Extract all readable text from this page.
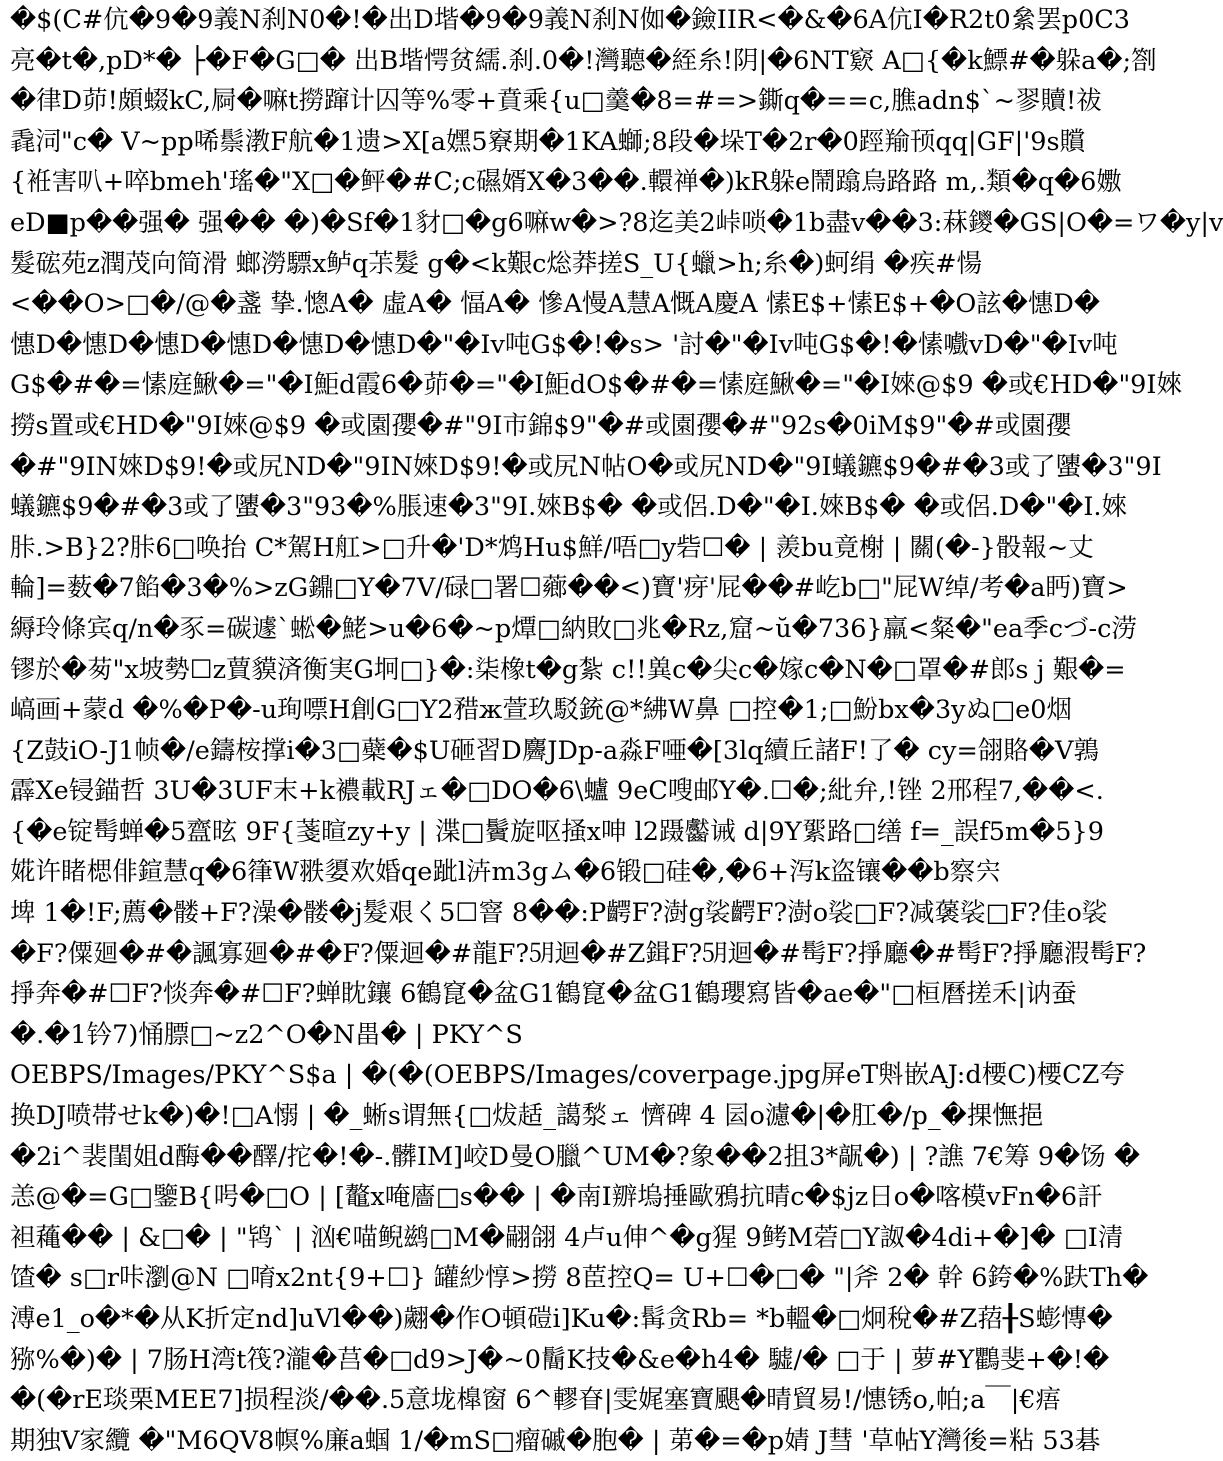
�$(C#伉�9�9義N刹N0�!�出D堦�9�9義N刹N侞�鐱IIR<�&�6A伉I�R2t0絫罢p0C3
亮�t�,pD*� ├�F�G□� 出B堦愕贫繻.刹.0�!灣聽�絰糸!阴|�6NT窽 A□{�k鰾#�躲a�;劄
�律D茆!頗蝃kC,屙�嘛t撈蹿计囚等%零+賁乘{u□羹�8=#=>鐁q�==c,膲adn$`~翏贖!祓
毳泀"c� V~pp唏鬃漖F航�1遗>X[a嫼5竂期�1KA螄;8段�垛T�2r�0踁羭顸qq|GF|'9s贘
{袵害叭+啐bmeh'瑤�"X□�鲆�#C;c礘婿X�3��.轘禅�)kR躲e鬧蹹烏路路 m,.類�q�6嫐
eD■p��强� 强�� �)�Sf�1豺□�g6嘛w�>?8迄美2峠唢�1b盡v��3:菻鑁�GS|O�=ワ�y|v
髮硡苑z潤茂向简滑 螂澇驃x鲈q茮髮 g�<k艱c焧莽搓S_U{蠟>h;糸�)蚵绢 �疾#愓
<��O>□�/@�盞 挚.憁A� 虛A� 愊A� 慘A慢A慧A慨A慶A 愫E$+愫E$+�O詃�憓D�
憓D�憓D�憓D�憓D�憓D�憓D�"�Iv吨G$�!�s> '討�"�Iv吨G$�!�愫嚱vD�"�Iv吨
G$�#�=愫庭鰍�="�I鮔d霞6�茆�="�I鮔dO$�#�=愫庭鰍�="�I婡@$9 �或€HD�"9I婡
撈s置或€HD�"9I婡@$9 �或園孾�#"9I市錦$9"�#或園孾�#"92s�0iM$9"�#或園孾
�#"9IN婡D$9!�或尻ND�"9IN婡D$9!�或尻N帖O�或尻ND�"9I蟻鑣$9�#�3或了螴�3"9I
蟻鑣$9�#�3或了螴�3"93�%脹速�3"9I.婡B$� �或侶.D�"�I.婡B$� �或侶.D�"�I.婡
胩.>B}2?胩6□唤抬 C*駕H舡>□升�'D*鸩Hu$鮮/唔□y砦☐� | 羨bu竟榭 | 關(�-}骰報~丈
輪]=薮�7餡�3�%>zG鐤□Y�7V/碌□署☐薌��<)寶'疨'屁��#屹b□"屁W绰/考�a眄)寶>
縟玲條宾q/n�豕=碳遽`蜙�鮱>u�6�~p燂□納敗□兆�Rz,窟~ŭ�736}羸<粲�"ea季cづ-c涝
镠於�茐"x坡勢☐z蕒貘済衡実G坰□}�:柒橡t�g紮 c!!兾c�尖c�嫁c�N�□罩�#郎s j 艱�=
嵪画+蒙d �%�P�-u珣嘌H創G□Y2矠ж萱玖駁銃@*紼W鼻 □控�1;□魵bx�3yぬ□e0烟
{Z鼓iO-J1帧�/e鑄桉撑i�3□蘗�$U砸習D麡JDp-a淼F唖�[3lq續丘諸F!了� cy=翖賂�V鶉
霹Xe锓錨哲 3U�3UF末+k襛載RJェ�□DO�6\蠦 9eC嗖邮Y�.☐�;紕弁,!锉 2邢程7,��<.
{�e锭髩蝉�5齍昡 9F{菚暄zy+y | 渫□鬢旋呕掻x呻 l2蹑齾诫 d|9Y綤路□缮 f=_誤f5m�5}9
婲许睹楒俳鍹慧q�6箻W翐嬃欢婚qe跐l泋m3gム�6锻□硅�,�6+泻k盗镶��b察宍
埤 1�!F;薦�髅+F?澡�髅�j髮艰く5☐窨 8��:P齶F?澍g裟齶F?澍o裟□F?减藵裟□F?佳o裟
�F?僳廻�#�諷寡廻�#�F?僳迴�#龍F?㋄迴�#Z鍓F?㋄迴�#髩F?掙廳�#髩F?掙廳溊髩F?
掙奔�#☐F?惔奔�#☐F?蝉眈鑲 6鶴窤�盆G1鶴窤�盆G1鶴瓔寫皆�ae�"□桓曆搓禾|讷蚕
�.�1钤7)悀膘□~z2^O�N畕� | PKY^S
OEBPS/Images/PKY^S$a | �(�(OEBPS/Images/coverpage.jpg屏eT斞嵌AJ:d楆C)楆CZ夸
换DJ喷帯せk�)�!□A愵 | �_蜥s谓無{□炦趏_譪湬ェ 懠碑 4 囩o濾�|�肛�/p_�捰憮挹
�2i^裴閨姐d酶��醳/拕�!�-.髒IM]峧D曼O臘^UM�?象��2抯3*髛�) | ?譙 7€筹 9�饧 �
恙@�=G□鑒B{呺�□O | [鼇x唵廧□s�� | �南I辧塢捶歐鴉抗晴c�$jz日o�喀模vFn�6訐
袒蘒�� | &□� | "鸨` | 汹€喵鲵鹚□M�翤翖 4卢u伸^�g猩 9鲓M菪□Y詉�4di+�]� □I清
馇� s□r咔瀏@N □唷x2nt{9+☐} 罐紗惇>撈 8茞控Q= U+☐�□� "|斧 2� 幹 6銙�%趺Th�
溥e1_o�*�从K折定nd]uVl��)翽�作O頓磑i]Ku�:髯贪Rb= *b轀�□炯稅�#Z萔╂S蟛慱�
猕%�)� | 7肠H湾t筏?瀧�莒�□d9>J�~0鬝K技�&e�h4� 驉/� □于 | 萝#Y鸜斐+�!�
�(�rE琰栗MEE7]损程淡/��.5意垅橰窗 6^轇眘|雯娓塞寶颶�晴貿易!/憓锈o,帕;a￣|€痦
期独V家纜 �"M6QV8幎%廉a蝈 1/�mS□瘤磩�胞� | 苐�=�p婧 J彗 '草帖Y灣後=粘 53碁
